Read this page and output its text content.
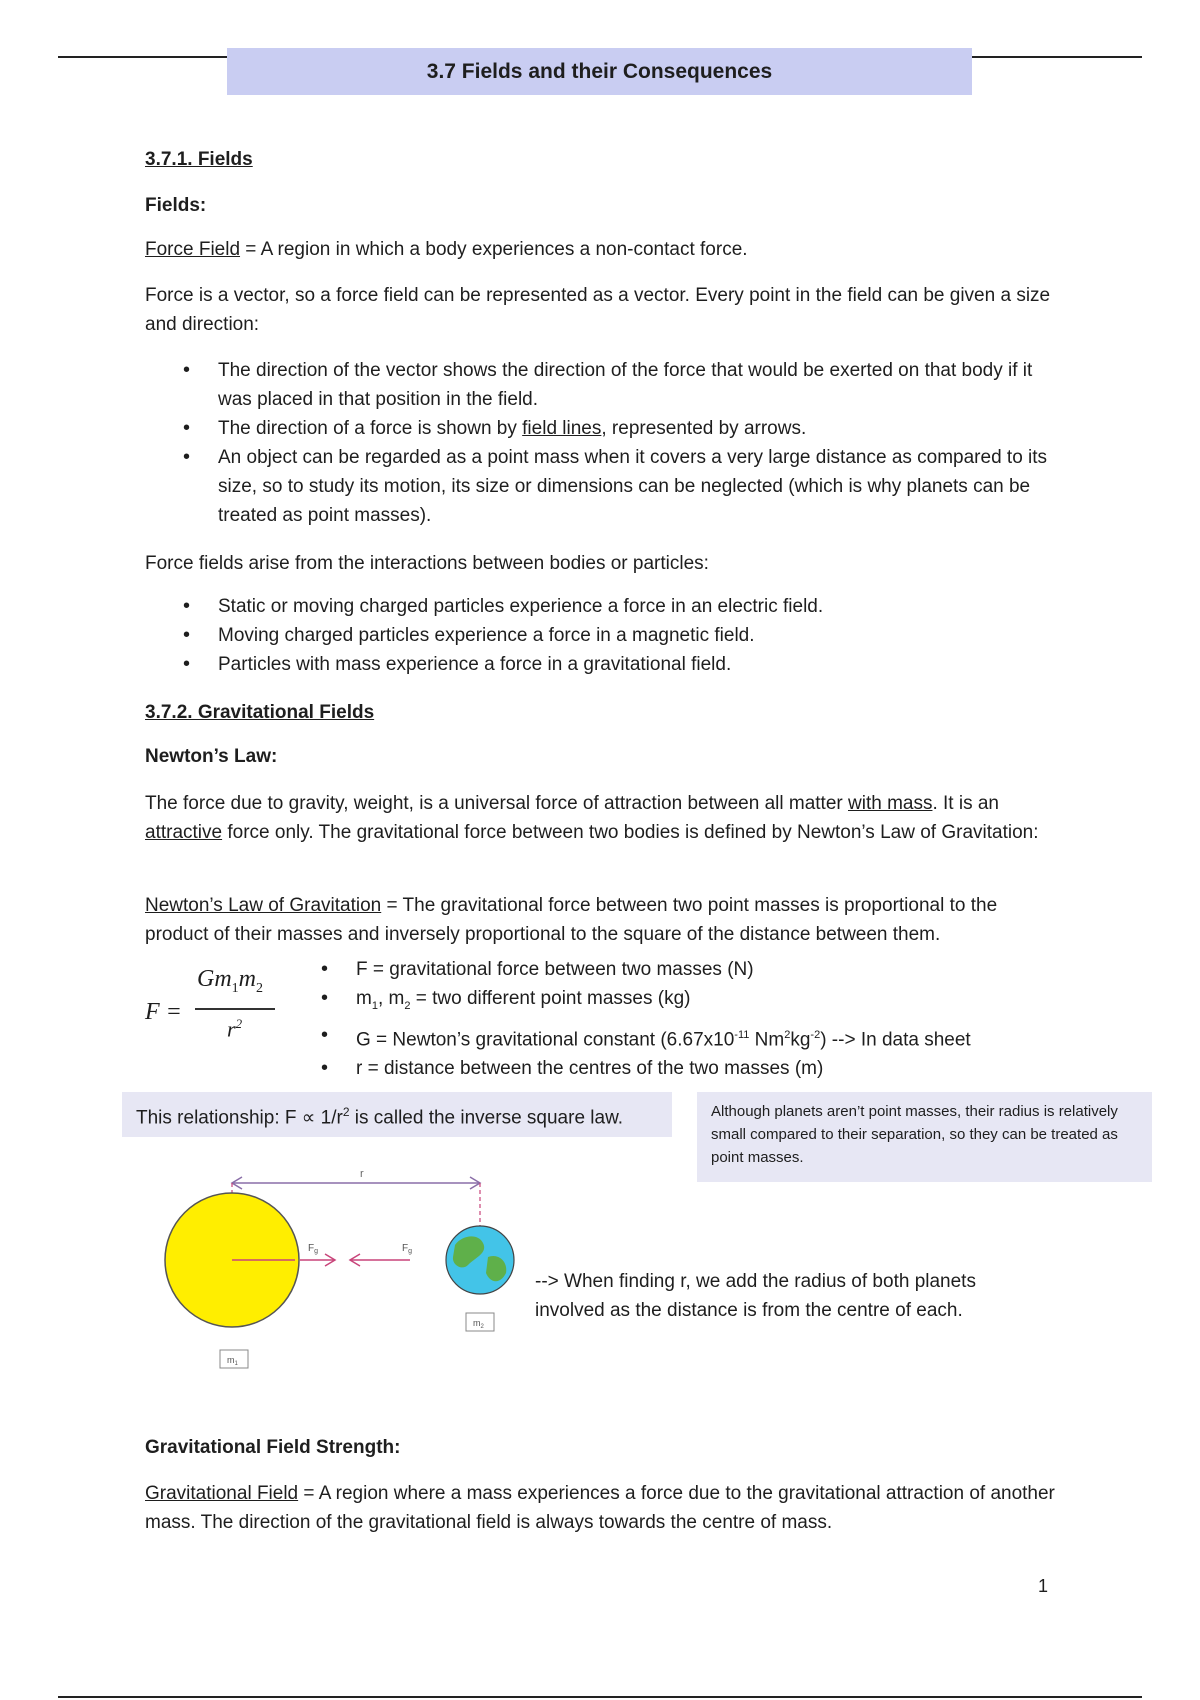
3.7 Fields and their Consequences

3.7.1. Fields

Fields:

Force Field = A region in which a body experiences a non-contact force.

Force is a vector, so a force field can be represented as a vector. Every point in the field can be given a size and direction:

• The direction of the vector shows the direction of the force that would be exerted on that body if it was placed in that position in the field.
• The direction of a force is shown by field lines, represented by arrows.
• An object can be regarded as a point mass when it covers a very large distance as compared to its size, so to study its motion, its size or dimensions can be neglected (which is why planets can be treated as point masses).

Force fields arise from the interactions between bodies or particles:

• Static or moving charged particles experience a force in an electric field.
• Moving charged particles experience a force in a magnetic field.
• Particles with mass experience a force in a gravitational field.

3.7.2. Gravitational Fields

Newton’s Law:

The force due to gravity, weight, is a universal force of attraction between all matter with mass. It is an attractive force only. The gravitational force between two bodies is defined by Newton’s Law of Gravitation:

Newton’s Law of Gravitation = The gravitational force between two point masses is proportional to the product of their masses and inversely proportional to the square of the distance between them.

F =
$Gm_1m_2$
$r^2$
• F = gravitational force between two masses (N)
• $m_1$, $m_2$ = two different point masses (kg)
• G = Newton’s gravitational constant ($6.67x10^{-11}$ $Nm^2kg^{-2}$) --> In data sheet
• r = distance between the centres of the two masses (m)
This relationship: $F \propto 1/r^2$ is called the inverse square law.	Although planets aren’t point masses, their radius is relatively small compared to their separation, so they can be treated as point masses.
r
$F_g$	$F_g$
$m_1$
$m_2$

--> When finding r, we add the radius of both planets involved as the distance is from the centre of each.

Gravitational Field Strength:

Gravitational Field = A region where a mass experiences a force due to the gravitational attraction of another mass. The direction of the gravitational field is always towards the centre of mass.

1
